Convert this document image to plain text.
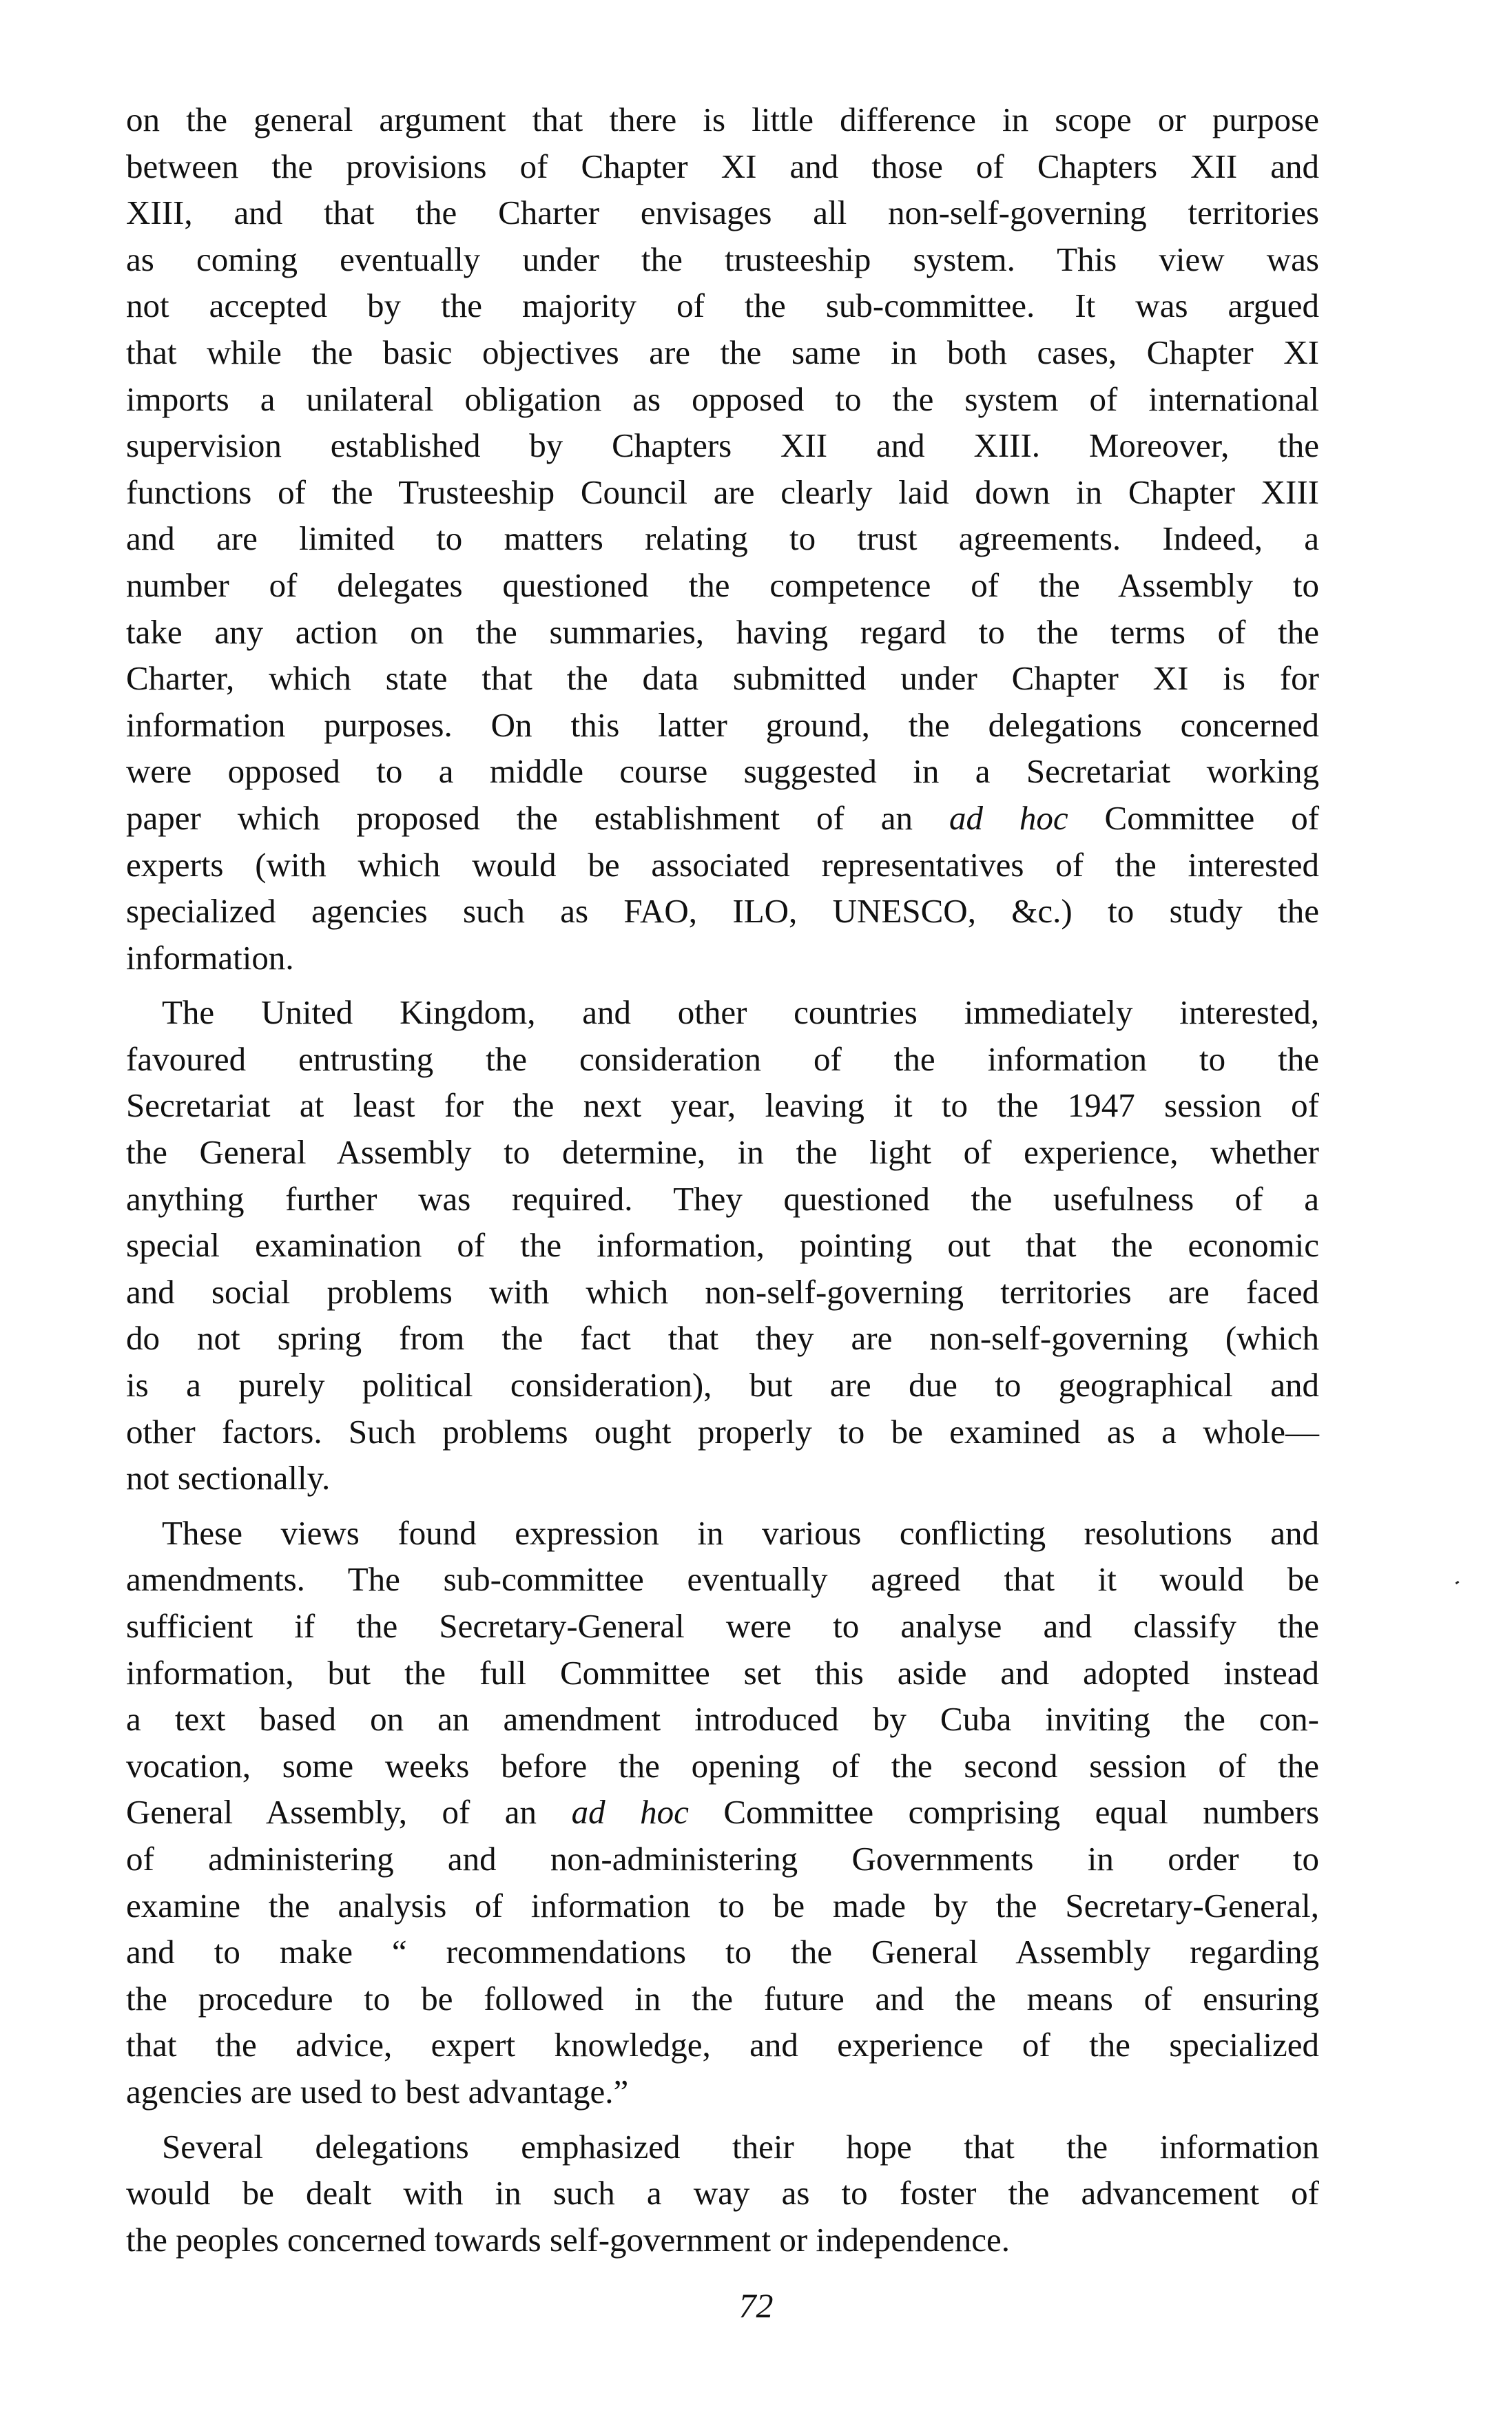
on the general argument that there is little difference in scope or purpose
between the provisions of Chapter XI and those of Chapters XII and
XIII, and that the Charter envisages all non-self-governing territories
as coming eventually under the trusteeship system. This view was
not accepted by the majority of the sub-committee. It was argued
that while the basic objectives are the same in both cases, Chapter XI
imports a unilateral obligation as opposed to the system of international
supervision established by Chapters XII and XIII. Moreover, the
functions of the Trusteeship Council are clearly laid down in Chapter XIII
and are limited to matters relating to trust agreements. Indeed, a
number of delegates questioned the competence of the Assembly to
take any action on the summaries, having regard to the terms of the
Charter, which state that the data submitted under Chapter XI is for
information purposes. On this latter ground, the delegations concerned
were opposed to a middle course suggested in a Secretariat working
paper which proposed the establishment of an ad hoc Committee of
experts (with which would be associated representatives of the interested
specialized agencies such as FAO, ILO, UNESCO, &c.) to study the
information.
The United Kingdom, and other countries immediately interested,
favoured entrusting the consideration of the information to the
Secretariat at least for the next year, leaving it to the 1947 session of
the General Assembly to determine, in the light of experience, whether
anything further was required. They questioned the usefulness of a
special examination of the information, pointing out that the economic
and social problems with which non-self-governing territories are faced
do not spring from the fact that they are non-self-governing (which
is a purely political consideration), but are due to geographical and
other factors. Such problems ought properly to be examined as a whole—
not sectionally.
These views found expression in various conflicting resolutions and
amendments. The sub-committee eventually agreed that it would be
sufficient if the Secretary-General were to analyse and classify the
information, but the full Committee set this aside and adopted instead
a text based on an amendment introduced by Cuba inviting the con-
vocation, some weeks before the opening of the second session of the
General Assembly, of an ad hoc Committee comprising equal numbers
of administering and non-administering Governments in order to
examine the analysis of information to be made by the Secretary-General,
and to make “ recommendations to the General Assembly regarding
the procedure to be followed in the future and the means of ensuring
that the advice, expert knowledge, and experience of the specialized
agencies are used to best advantage.”
Several delegations emphasized their hope that the information
would be dealt with in such a way as to foster the advancement of
the peoples concerned towards self-government or independence.
72
